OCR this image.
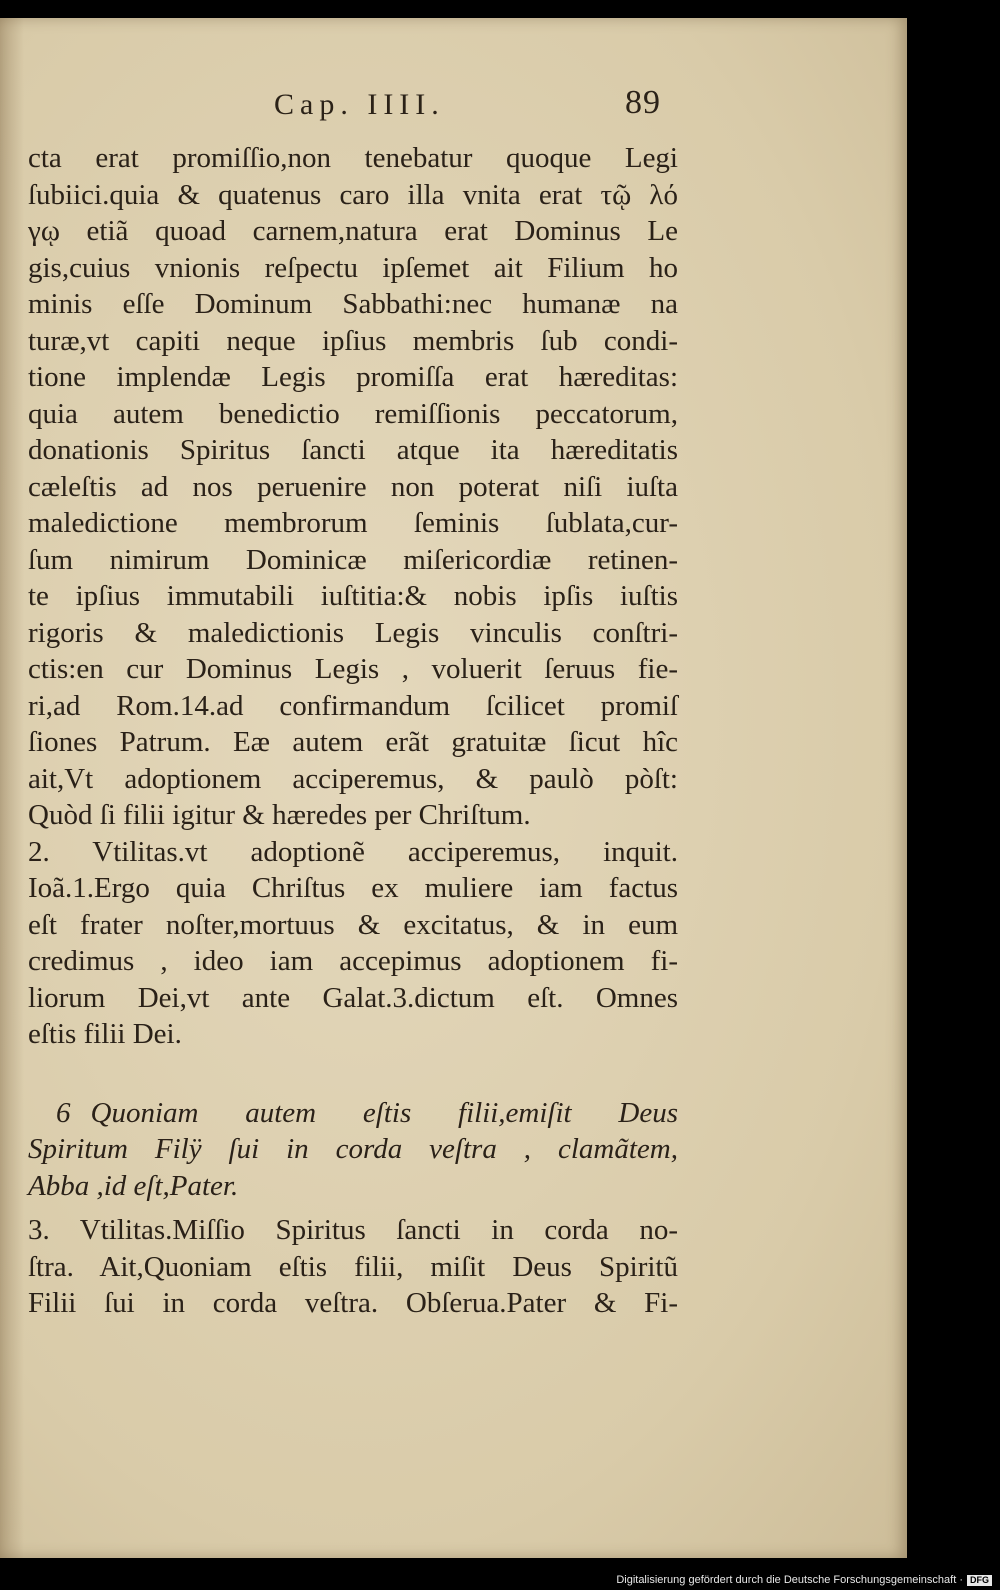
Cap. IIII.	89
cta erat promiſſio,non tenebatur quoque Legi
ſubiici.quia & quatenus caro illa vnita erat τῷ λό
γῳ etiã quoad carnem,natura erat Dominus Le
gis,cuius vnionis reſpectu ipſemet ait Filium ho
minis eſſe Dominum Sabbathi:nec humanæ na
turæ,vt capiti neque ipſius membris ſub condi-
tione implendæ Legis promiſſa erat hæreditas:
quia autem benedictio remiſſionis peccatorum,
donationis Spiritus ſancti atque ita hæreditatis
cæleſtis ad nos peruenire non poterat niſi iuſta
maledictione membrorum ſeminis ſublata,cur-
ſum nimirum Dominicæ miſericordiæ retinen-
te ipſius immutabili iuſtitia:& nobis ipſis iuſtis
rigoris & maledictionis Legis vinculis conſtri-
ctis:en cur Dominus Legis , voluerit ſeruus fie-
ri,ad Rom.14.ad confirmandum ſcilicet promiſ
ſiones Patrum. Eæ autem erãt gratuitæ ſicut hîc
ait,Vt adoptionem acciperemus, & paulò pòſt:
Quòd ſi filii igitur & hæredes per Chriſtum.
2. Vtilitas.vt adoptionẽ acciperemus, inquit.
Ioã.1.Ergo quia Chriſtus ex muliere iam factus
eſt frater noſter,mortuus & excitatus, & in eum
credimus , ideo iam accepimus adoptionem fi-
liorum Dei,vt ante Galat.3.dictum eſt. Omnes
eſtis filii Dei.
6 Quoniam autem eſtis filii,emiſit Deus
Spiritum Filÿ ſui in corda veſtra , clamãtem,
Abba ,id eſt,Pater.
3. Vtilitas.Miſſio Spiritus ſancti in corda no-
ſtra. Ait,Quoniam eſtis filii, miſit Deus Spiritũ
Filii ſui in corda veſtra. Obſerua.Pater & Fi-
Digitalisierung gefördert durch die Deutsche Forschungsgemeinschaft · DFG
